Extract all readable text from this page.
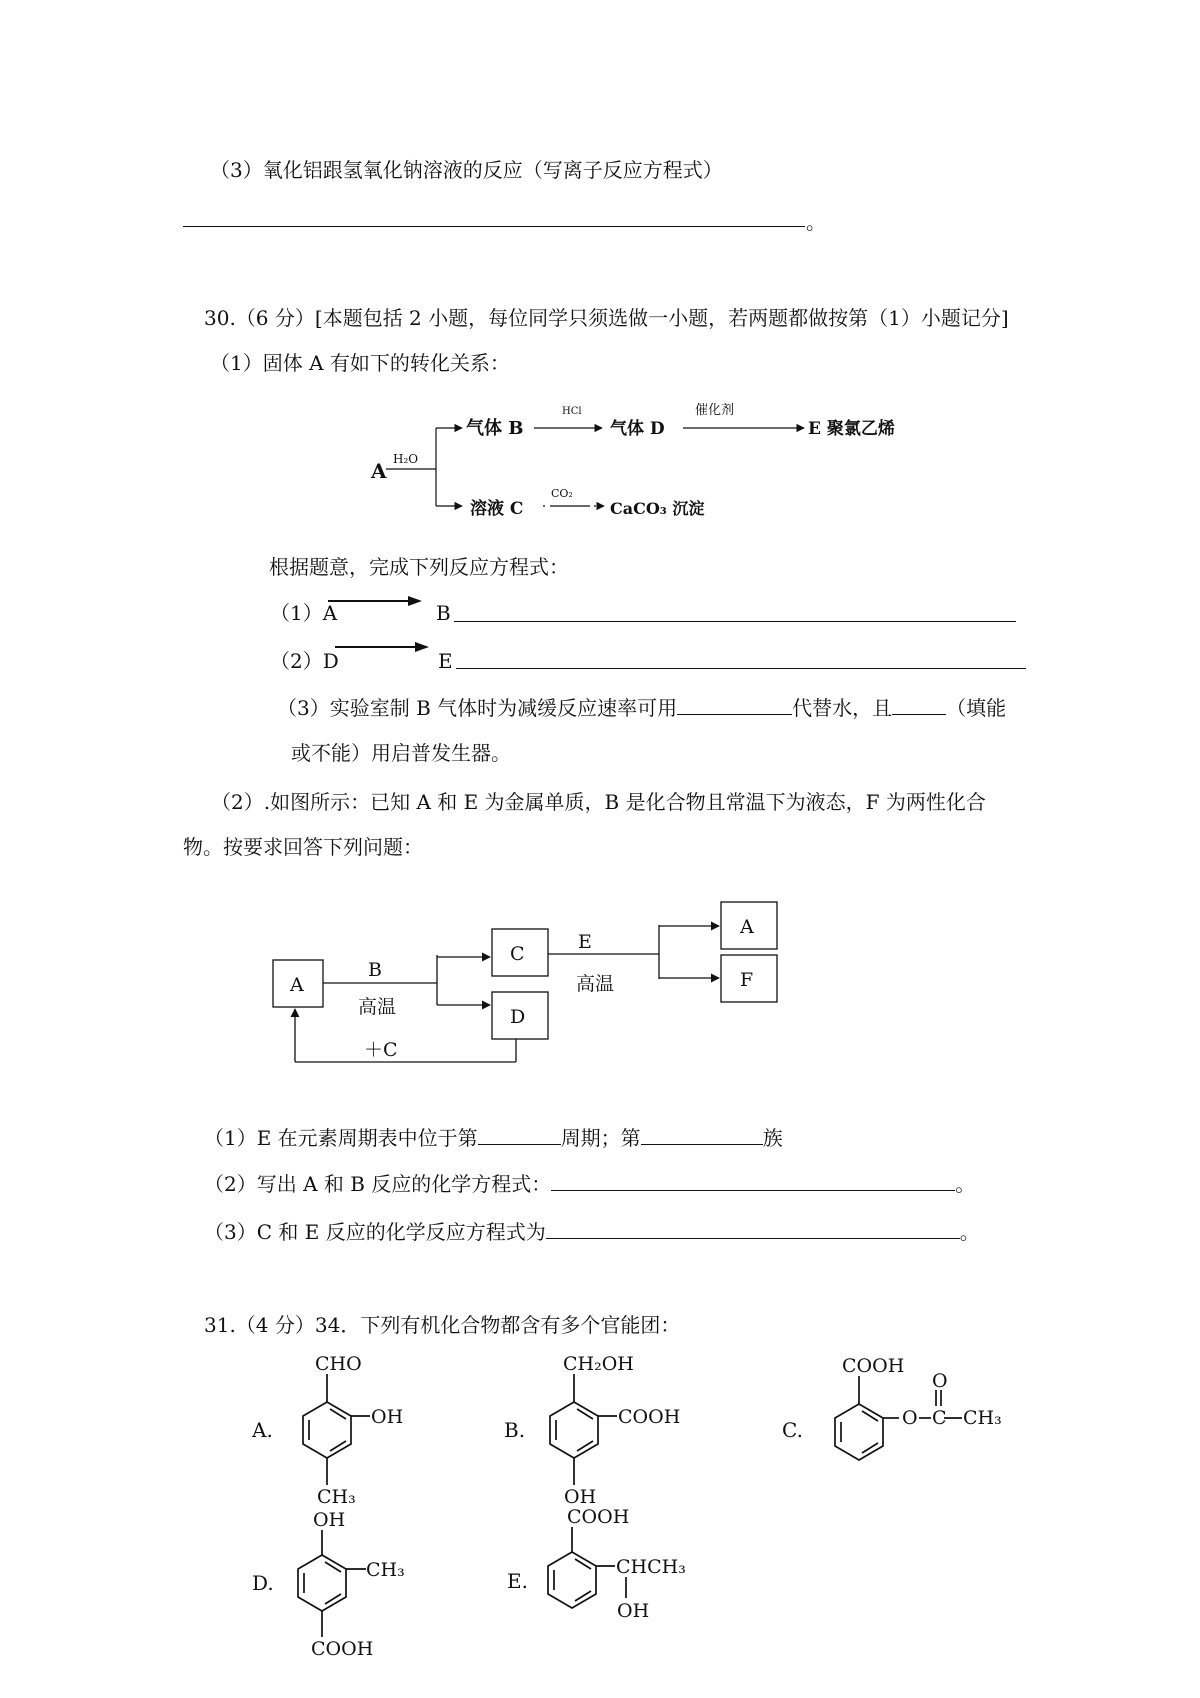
（3）氧化铝跟氢氧化钠溶液的反应（写离子反应方程式）
。
30.（6 分）[本题包括 2 小题，每位同学只须选做一小题，若两题都做按第（1）小题记分]
（1）固体 A 有如下的转化关系：
A H₂O
气体 B
HCl
气体 D
催化剂
E 聚氯乙烯
溶液 C
CO₂
CaCO₃ 沉淀
根据题意，完成下列反应方程式：
（1）A	B
（2）D	E
（3）实验室制 B 气体时为减缓反应速率可用	代替水，且	（填能
或不能）用启普发生器。
（2）.如图所示：已知 A 和 E 为金属单质，B 是化合物且常温下为液态，F 为两性化合
物。按要求回答下列问题：
A
C
D
A
F
B
高温
E
高温
＋C
（1）E 在元素周期表中位于第	周期；第	族
（2）写出 A 和 B 反应的化学方程式：	。
（3）C 和 E 反应的化学反应方程式为	。
31.（4 分）34．下列有机化合物都含有多个官能团：
A.
CHO
OH
CH₃
B.
CH₂OH
COOH
OH
C.
COOH
O
O
C CH₃
D.
OH
CH₃
COOH
E.
COOH
CHCH₃
OH
